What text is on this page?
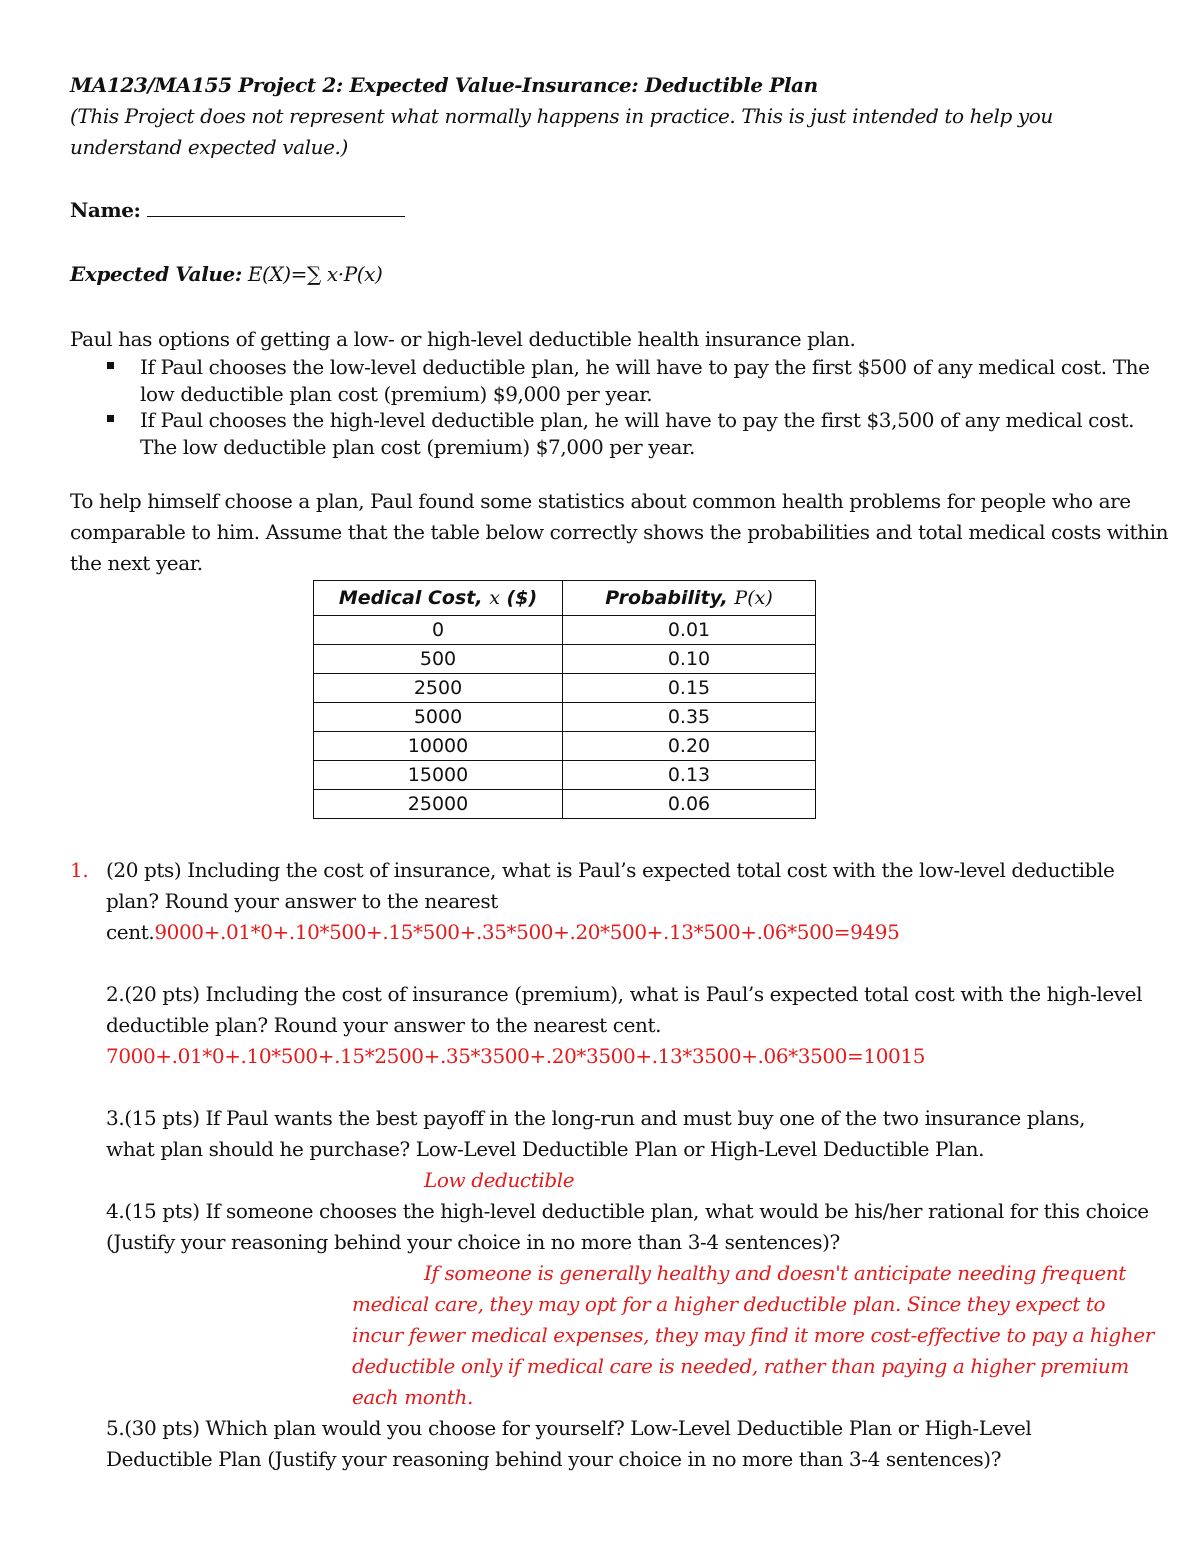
MA123/MA155 Project 2: Expected Value-Insurance: Deductible Plan
(This Project does not represent what normally happens in practice. This is just intended to help you
understand expected value.)
Name:
Expected Value: E(X)=∑ x·P(x)
Paul has options of getting a low- or high-level deductible health insurance plan.
If Paul chooses the low-level deductible plan, he will have to pay the first $500 of any medical cost. The
low deductible plan cost (premium) $9,000 per year.
If Paul chooses the high-level deductible plan, he will have to pay the first $3,500 of any medical cost.
The low deductible plan cost (premium) $7,000 per year.
To help himself choose a plan, Paul found some statistics about common health problems for people who are
comparable to him. Assume that the table below correctly shows the probabilities and total medical costs within
the next year.
Medical Cost, x ($)	Probability, P(x)
0	0.01
500	0.10
2500	0.15
5000	0.35
10000	0.20
15000	0.13
25000	0.06
1. (20 pts) Including the cost of insurance, what is Paul’s expected total cost with the low-level deductible
plan? Round your answer to the nearest
cent.9000+.01*0+.10*500+.15*500+.35*500+.20*500+.13*500+.06*500=9495
2.(20 pts) Including the cost of insurance (premium), what is Paul’s expected total cost with the high-level
deductible plan? Round your answer to the nearest cent.
7000+.01*0+.10*500+.15*2500+.35*3500+.20*3500+.13*3500+.06*3500=10015
3.(15 pts) If Paul wants the best payoff in the long-run and must buy one of the two insurance plans,
what plan should he purchase? Low-Level Deductible Plan or High-Level Deductible Plan.
Low deductible
4.(15 pts) If someone chooses the high-level deductible plan, what would be his/her rational for this choice
(Justify your reasoning behind your choice in no more than 3-4 sentences)?
If someone is generally healthy and doesn't anticipate needing frequent
medical care, they may opt for a higher deductible plan. Since they expect to
incur fewer medical expenses, they may find it more cost-effective to pay a higher
deductible only if medical care is needed, rather than paying a higher premium
each month.
5.(30 pts) Which plan would you choose for yourself? Low-Level Deductible Plan or High-Level
Deductible Plan (Justify your reasoning behind your choice in no more than 3-4 sentences)?
